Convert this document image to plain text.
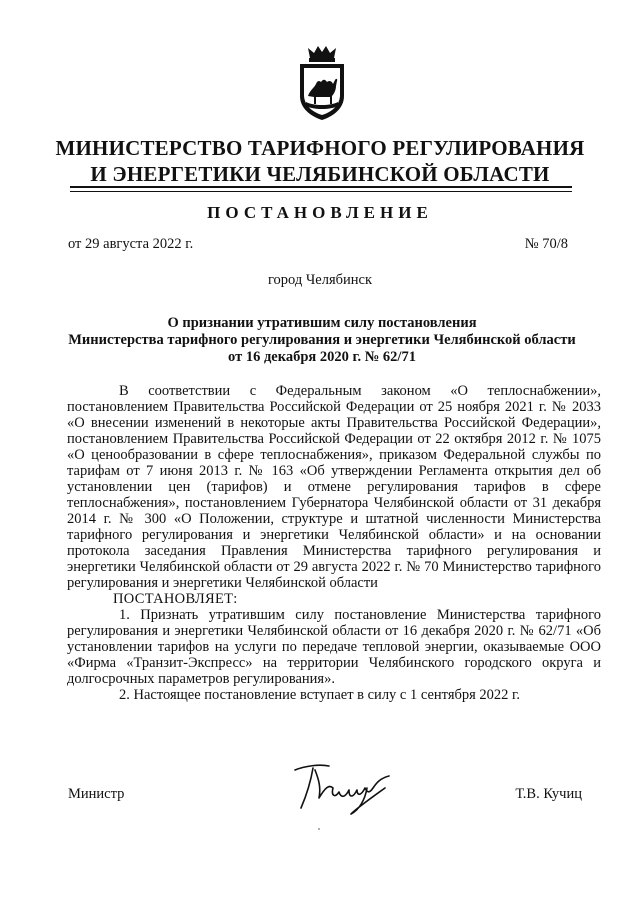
МИНИСТЕРСТВО ТАРИФНОГО РЕГУЛИРОВАНИЯ
И ЭНЕРГЕТИКИ ЧЕЛЯБИНСКОЙ ОБЛАСТИ
ПОСТАНОВЛЕНИЕ
от 29 августа 2022 г.	№ 70/8
город Челябинск
О признании утратившим силу постановления
Министерства тарифного регулирования и энергетики Челябинской области
от 16 декабря 2020 г. № 62/71

В соответствии с Федеральным законом «О теплоснабжении», постановлением Правительства Российской Федерации от 25 ноября 2021 г. № 2033 «О внесении изменений в некоторые акты Правительства Российской Федерации», постановлением Правительства Российской Федерации от 22 октября 2012 г. № 1075 «О ценообразовании в сфере теплоснабжения», приказом Федеральной службы по тарифам от 7 июня 2013 г. № 163 «Об утверждении Регламента открытия дел об установлении цен (тарифов) и отмене регулирования тарифов в сфере теплоснабжения», постановлением Губернатора Челябинской области от 31 декабря 2014 г. № 300 «О Положении, структуре и штатной численности Министерства тарифного регулирования и энергетики Челябинской области» и на основании протокола заседания Правления Министерства тарифного регулирования и энергетики Челябинской области от 29 августа 2022 г. № 70 Министерство тарифного регулирования и энергетики Челябинской области

ПОСТАНОВЛЯЕТ:

1. Признать утратившим силу постановление Министерства тарифного регулирования и энергетики Челябинской области от 16 декабря 2020 г. № 62/71 «Об установлении тарифов на услуги по передаче тепловой энергии, оказываемые ООО «Фирма «Транзит-Экспресс» на территории Челябинского городского округа и долгосрочных параметров регулирования».

2. Настоящее постановление вступает в силу с 1 сентября 2022 г.

Министр	Т.В. Кучиц
